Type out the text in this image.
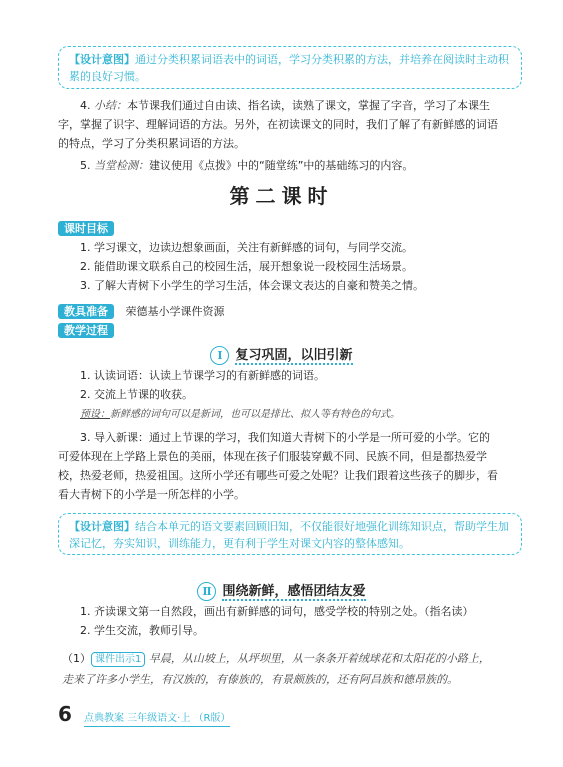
【设计意图】通过分类积累词语表中的词语，学习分类积累的方法，并培养在阅读时主动积累的良好习惯。
4. 小结：本节课我们通过自由读、指名读，读熟了课文，掌握了字音，学习了本课生字，掌握了识字、理解词语的方法。另外，在初读课文的同时，我们了解了有新鲜感的词语的特点，学习了分类积累词语的方法。
5. 当堂检测：建议使用《点拨》中的“随堂练”中的基础练习的内容。
第二课时
课时目标
1. 学习课文，边读边想象画面，关注有新鲜感的词句，与同学交流。
2. 能借助课文联系自己的校园生活，展开想象说一段校园生活场景。
3. 了解大青树下小学生的学习生活，体会课文表达的自豪和赞美之情。
教具准备 荣德基小学课件资源
教学过程
Ⅰ 复习巩固，以旧引新
1. 认读词语：认读上节课学习的有新鲜感的词语。
2. 交流上节课的收获。
预设：新鲜感的词句可以是新词，也可以是排比、拟人等有特色的句式。
3. 导入新课：通过上节课的学习，我们知道大青树下的小学是一所可爱的小学。它的可爱体现在上学路上景色的美丽，体现在孩子们服装穿戴不同、民族不同，但是都热爱学校，热爱老师，热爱祖国。这所小学还有哪些可爱之处呢？让我们跟着这些孩子的脚步，看看大青树下的小学是一所怎样的小学。
【设计意图】结合本单元的语文要素回顾旧知，不仅能很好地强化训练知识点，帮助学生加深记忆，夯实知识，训练能力，更有利于学生对课文内容的整体感知。
Ⅱ 围绕新鲜，感悟团结友爱
1. 齐读课文第一自然段，画出有新鲜感的词句，感受学校的特别之处。（指名读）
2. 学生交流，教师引导。
（1） 课件出示1 早晨，从山坡上，从坪坝里，从一条条开着绒球花和太阳花的小路上，走来了许多小学生，有汉族的，有傣族的，有景颇族的，还有阿昌族和德昂族的。
6 点典教案 三年级语文·上 （R版）
